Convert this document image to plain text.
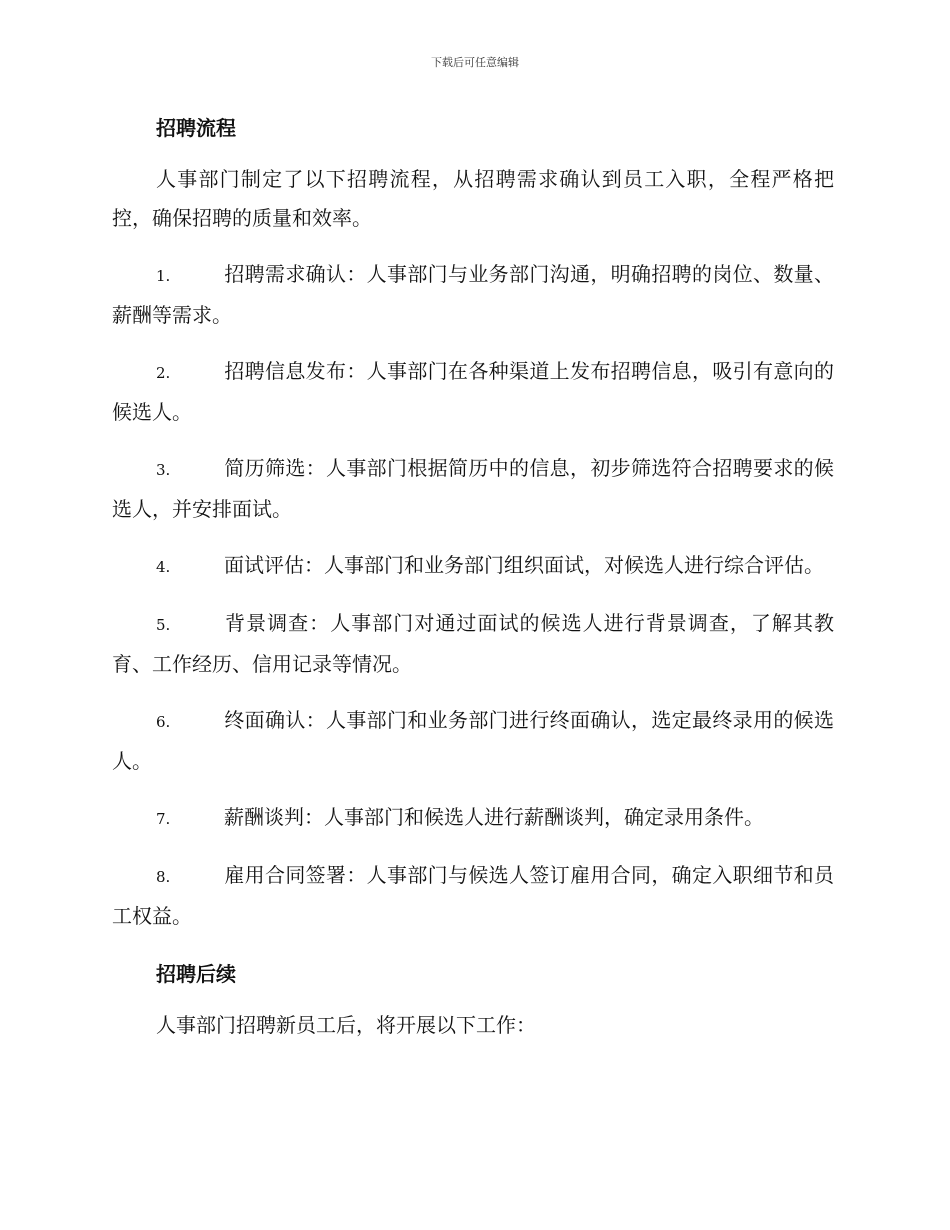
下载后可任意编辑
招聘流程

人事部门制定了以下招聘流程，从招聘需求确认到员工入职，全程严格把控，确保招聘的质量和效率。

1.	招聘需求确认：人事部门与业务部门沟通，明确招聘的岗位、数量、薪酬等需求。

2.	招聘信息发布：人事部门在各种渠道上发布招聘信息，吸引有意向的候选人。

3.	简历筛选：人事部门根据简历中的信息，初步筛选符合招聘要求的候选人，并安排面试。

4.	面试评估：人事部门和业务部门组织面试，对候选人进行综合评估。

5.	背景调查：人事部门对通过面试的候选人进行背景调查，了解其教育、工作经历、信用记录等情况。

6.	终面确认：人事部门和业务部门进行终面确认，选定最终录用的候选人。

7.	薪酬谈判：人事部门和候选人进行薪酬谈判，确定录用条件。

8.	雇用合同签署：人事部门与候选人签订雇用合同，确定入职细节和员工权益。

招聘后续

人事部门招聘新员工后，将开展以下工作：
